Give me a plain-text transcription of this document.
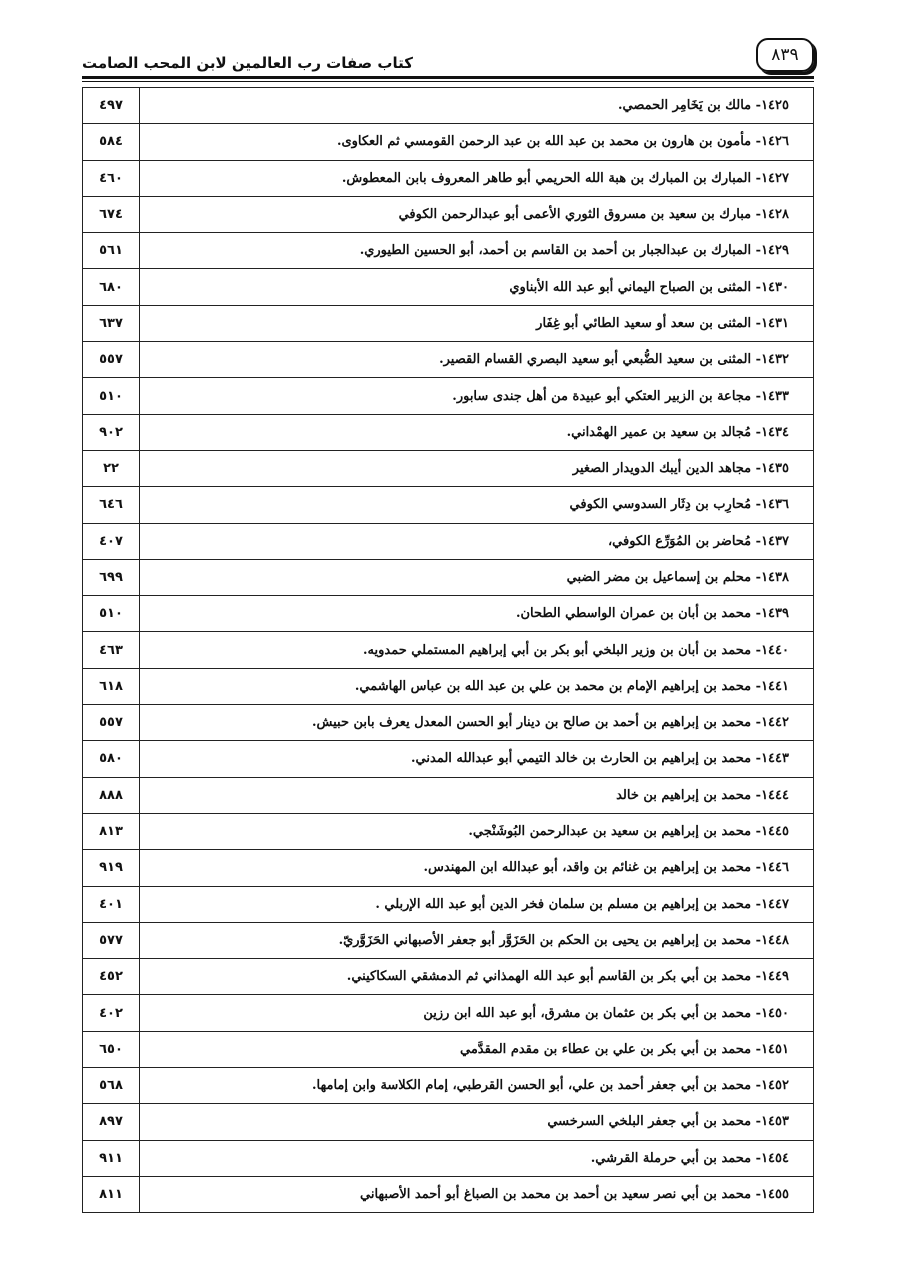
كتاب صفات رب العالمين لابن المحب الصامت	٨٣٩
٤٩٧	١٤٢٥- مالك بن يَخَامِر الحمصي.
٥٨٤	١٤٢٦- مأمون بن هارون بن محمد بن عبد الله بن عبد الرحمن القومسي ثم العكاوى.
٤٦٠	١٤٢٧- المبارك بن المبارك بن هبة الله الحريمي أبو طاهر المعروف بابن المعطوش.
٦٧٤	١٤٢٨- مبارك بن سعيد بن مسروق الثوري الأعمى أبو عبدالرحمن الكوفي
٥٦١	١٤٢٩- المبارك بن عبدالجبار بن أحمد بن القاسم بن أحمد، أبو الحسين الطيوري.
٦٨٠	١٤٣٠- المثنى بن الصباح اليماني أبو عبد الله الأبناوي
٦٣٧	١٤٣١- المثنى بن سعد أو سعيد الطائي أبو غِفَار
٥٥٧	١٤٣٢- المثنى بن سعيد الضُّبعي أبو سعيد البصري القسام القصير.
٥١٠	١٤٣٣- مجاعة بن الزبير العتكي أبو عبيدة من أهل جندى سابور.
٩٠٢	١٤٣٤- مُجالد بن سعيد بن عمير الهمْداني.
٢٢	١٤٣٥- مجاهد الدين أيبك الدويدار الصغير
٦٤٦	١٤٣٦- مُحارِب بن دِثَار السدوسي الكوفي
٤٠٧	١٤٣٧- مُحاضر بن المُوَرِّع الكوفي،
٦٩٩	١٤٣٨- محلم بن إسماعيل بن مضر الضبي
٥١٠	١٤٣٩- محمد بن أبان بن عمران الواسطي الطحان.
٤٦٣	١٤٤٠- محمد بن أبان بن وزير البلخي أبو بكر بن أبي إبراهيم المستملي حمدويه.
٦١٨	١٤٤١- محمد بن إبراهيم الإمام بن محمد بن علي بن عبد الله بن عباس الهاشمي.
٥٥٧	١٤٤٢- محمد بن إبراهيم بن أحمد بن صالح بن دينار أبو الحسن المعدل يعرف بابن حبيش.
٥٨٠	١٤٤٣- محمد بن إبراهيم بن الحارث بن خالد التيمي أبو عبدالله المدني.
٨٨٨	١٤٤٤- محمد بن إبراهيم بن خالد
٨١٣	١٤٤٥- محمد بن إبراهيم بن سعيد بن عبدالرحمن البُوشَنْجي.
٩١٩	١٤٤٦- محمد بن إبراهيم بن غنائم بن واقد، أبو عبدالله ابن المهندس.
٤٠١	١٤٤٧- محمد بن إبراهيم بن مسلم بن سلمان فخر الدين أبو عبد الله الإربلي .
٥٧٧	١٤٤٨- محمد بن إبراهيم بن يحيى بن الحكم بن الحَزَوَّر أبو جعفر الأصبهاني الحَزَوَّريّ.
٤٥٢	١٤٤٩- محمد بن أبي بكر بن القاسم أبو عبد الله الهمذاني ثم الدمشقي السكاكيني.
٤٠٢	١٤٥٠- محمد بن أبي بكر بن عثمان بن مشرق، أبو عبد الله ابن رزين
٦٥٠	١٤٥١- محمد بن أبي بكر بن علي بن عطاء بن مقدم المقدَّمي
٥٦٨	١٤٥٢- محمد بن أبي جعفر أحمد بن علي، أبو الحسن القرطبي، إمام الكلاسة وابن إمامها.
٨٩٧	١٤٥٣- محمد بن أبي جعفر البلخي السرخسي
٩١١	١٤٥٤- محمد بن أبي حرملة القرشي.
٨١١	١٤٥٥- محمد بن أبي نصر سعيد بن أحمد بن محمد بن الصباغ أبو أحمد الأصبهاني
